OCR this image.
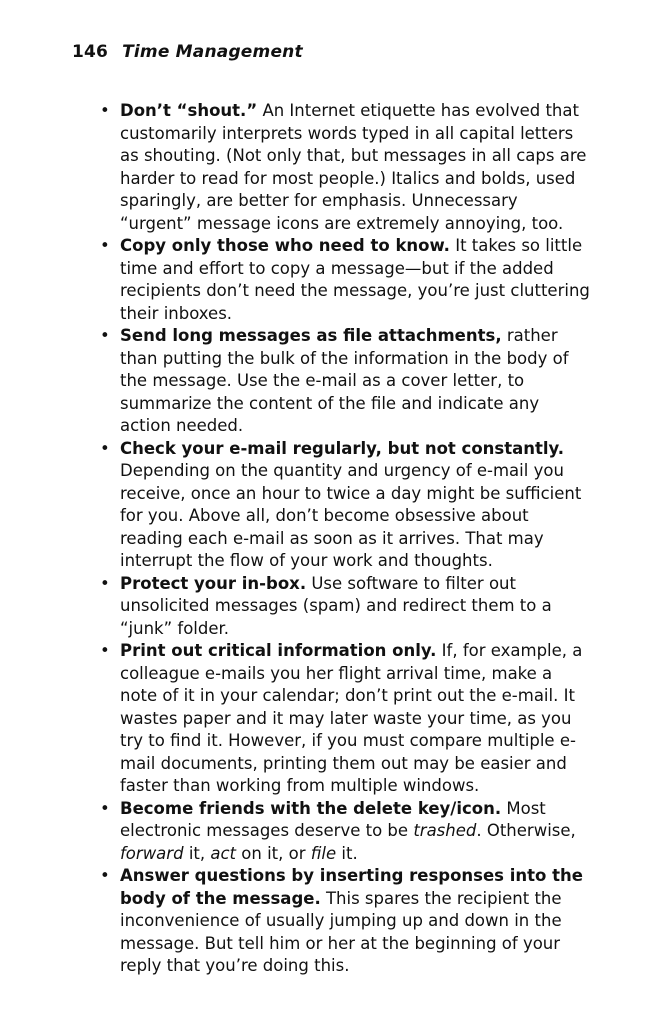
146 Time Management

• Don’t “shout.” An Internet etiquette has evolved that customarily interprets words typed in all capital letters as shouting. (Not only that, but messages in all caps are harder to read for most people.) Italics and bolds, used sparingly, are better for emphasis. Unnecessary “urgent” message icons are extremely annoying, too.

• Copy only those who need to know. It takes so little time and effort to copy a message—but if the added recipients don’t need the message, you’re just cluttering their inboxes.

• Send long messages as file attachments, rather than putting the bulk of the information in the body of the message. Use the e-mail as a cover letter, to summarize the content of the file and indicate any action needed.

• Check your e-mail regularly, but not constantly. Depending on the quantity and urgency of e-mail you receive, once an hour to twice a day might be sufficient for you. Above all, don’t become obsessive about reading each e-mail as soon as it arrives. That may interrupt the flow of your work and thoughts.

• Protect your in-box. Use software to filter out unsolicited messages (spam) and redirect them to a “junk” folder.

• Print out critical information only. If, for example, a colleague e-mails you her flight arrival time, make a note of it in your calendar; don’t print out the e-mail. It wastes paper and it may later waste your time, as you try to find it. However, if you must compare multiple e-mail documents, printing them out may be easier and faster than working from multiple windows.

• Become friends with the delete key/icon. Most electronic messages deserve to be trashed. Otherwise, forward it, act on it, or file it.

• Answer questions by inserting responses into the body of the message. This spares the recipient the inconvenience of usually jumping up and down in the message. But tell him or her at the beginning of your reply that you’re doing this.
